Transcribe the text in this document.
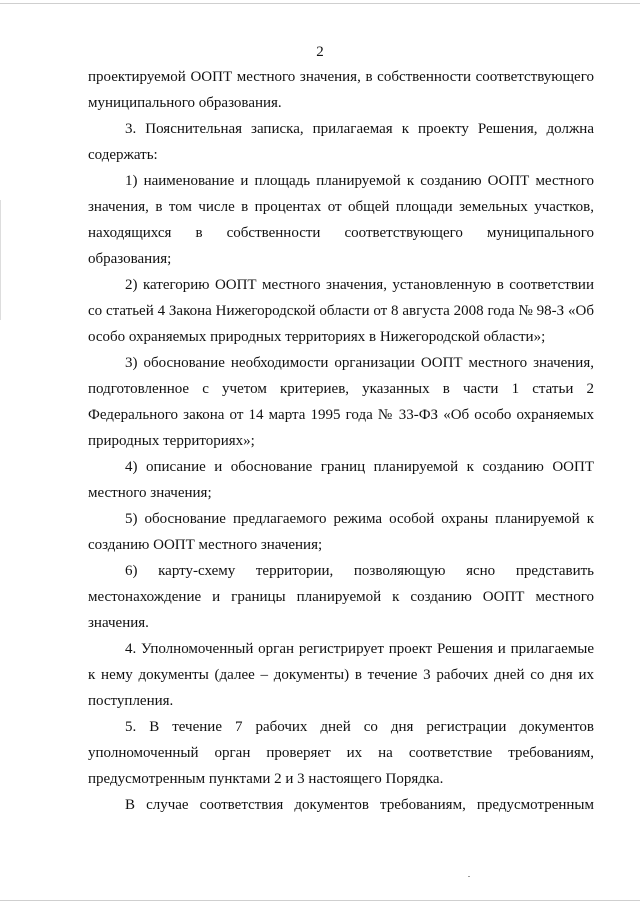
2

проектируемой ООПТ местного значения, в собственности соответствующего муниципального образования.

3. Пояснительная записка, прилагаемая к проекту Решения, должна содержать:

1) наименование и площадь планируемой к созданию ООПТ местного значения, в том числе в процентах от общей площади земельных участков, находящихся в собственности соответствующего муниципального образования;

2) категорию ООПТ местного значения, установленную в соответствии со статьей 4 Закона Нижегородской области от 8 августа 2008 года № 98-З «Об особо охраняемых природных территориях в Нижегородской области»;

3) обоснование необходимости организации ООПТ местного значения, подготовленное с учетом критериев, указанных в части 1 статьи 2 Федерального закона от 14 марта 1995 года № 33-ФЗ «Об особо охраняемых природных территориях»;

4) описание и обоснование границ планируемой к созданию ООПТ местного значения;

5) обоснование предлагаемого режима особой охраны планируемой к созданию ООПТ местного значения;

6) карту-схему территории, позволяющую ясно представить местонахождение и границы планируемой к созданию ООПТ местного значения.

4. Уполномоченный орган регистрирует проект Решения и прилагаемые к нему документы (далее – документы) в течение 3 рабочих дней со дня их поступления.

5. В течение 7 рабочих дней со дня регистрации документов уполномоченный орган проверяет их на соответствие требованиям, предусмотренным пунктами 2 и 3 настоящего Порядка.

В случае соответствия документов требованиям, предусмотренным
